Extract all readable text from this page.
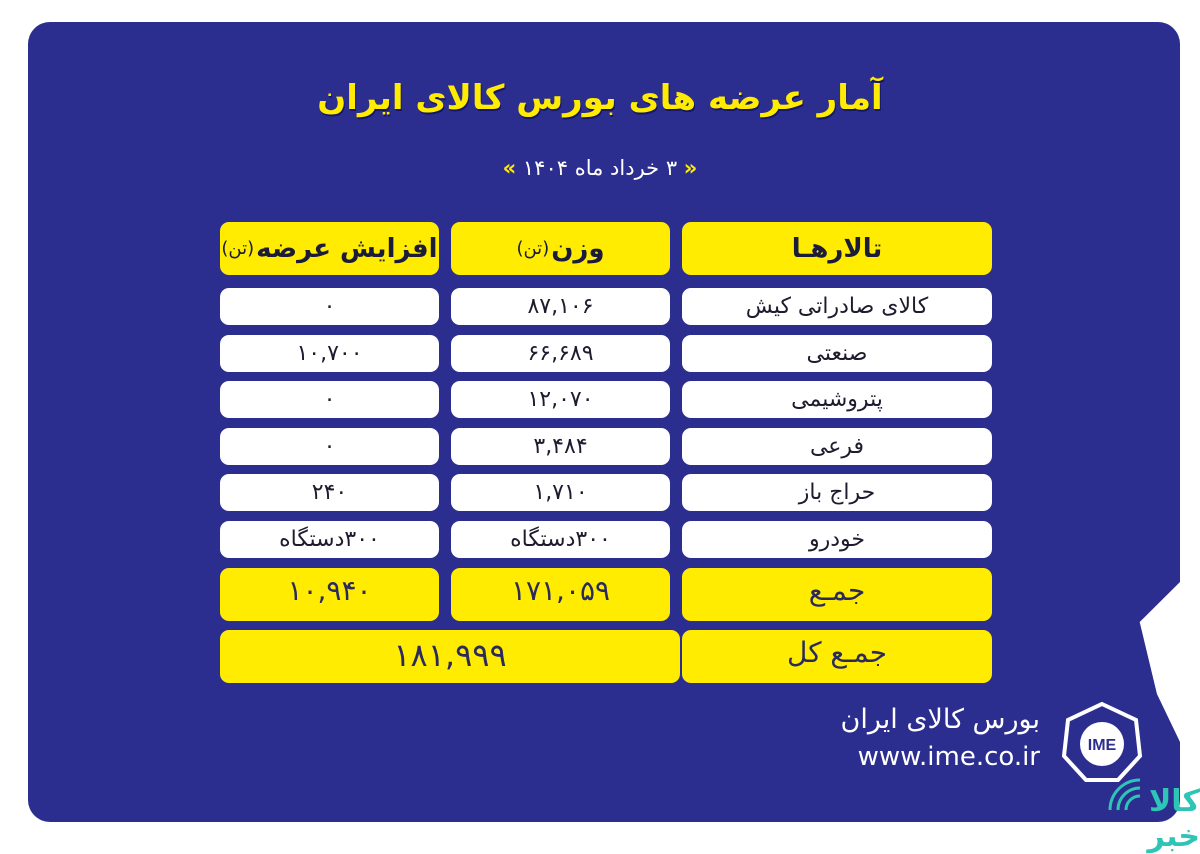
آمار عرضه های بورس کالای ایران
« ۳ خرداد ماه ۱۴۰۴ »
تالارهـا
وزن
(تن)
افزایش عرضه
(تن)
کالای صادراتی کیش
۸۷,۱۰۶
۰
صنعتی
۶۶,۶۸۹
۱۰,۷۰۰
پتروشیمی
۱۲,۰۷۰
۰
فرعی
۳,۴۸۴
۰
حراج باز
۱,۷۱۰
۲۴۰
خودرو
۳۰۰دستگاه
۳۰۰دستگاه
جمـع
۱۷۱,۰۵۹
۱۰,۹۴۰
جمـع کل
۱۸۱,۹۹۹
بورس کالای ایران
www.ime.co.ir	IME
کالا خبر
